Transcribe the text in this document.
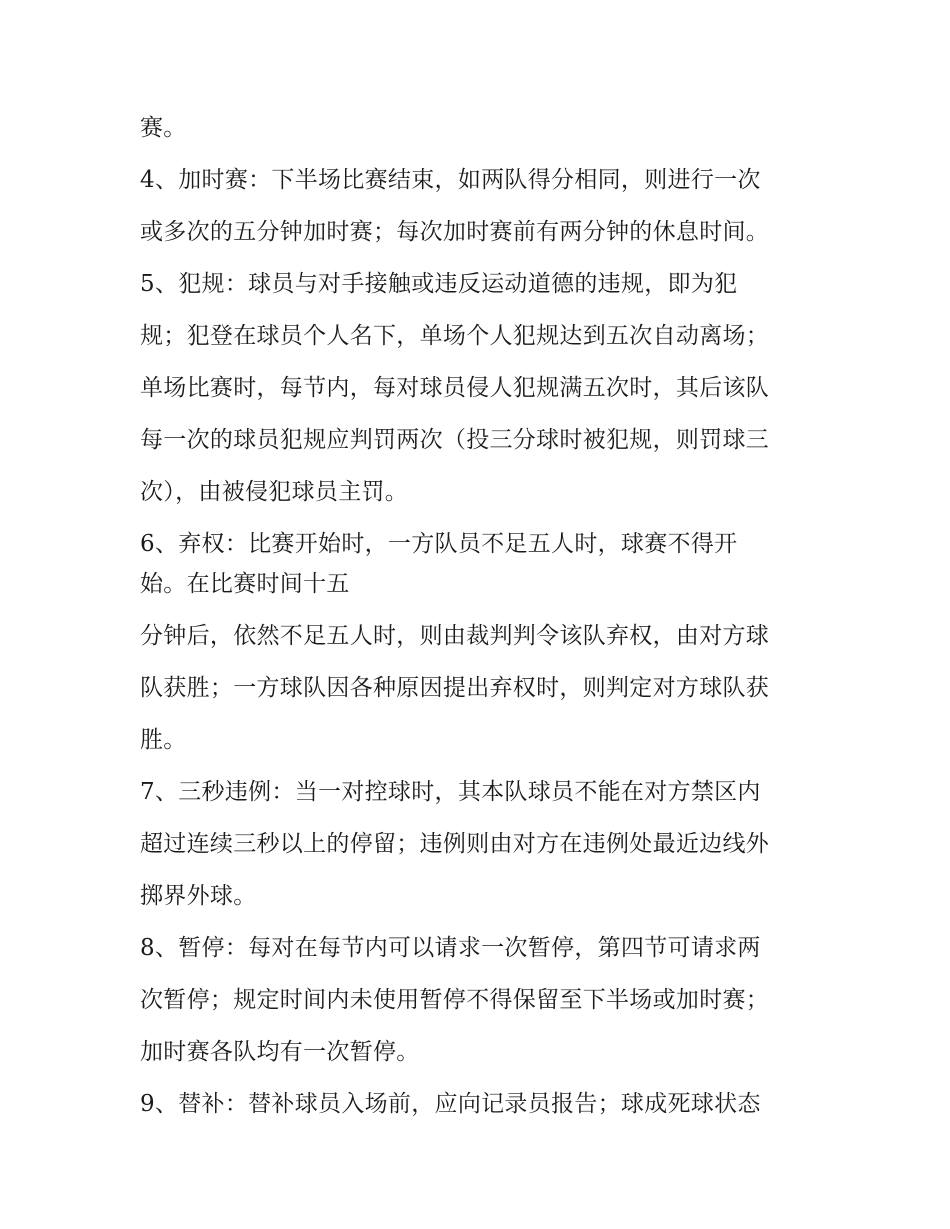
赛。
4、加时赛：下半场比赛结束，如两队得分相同，则进行一次
或多次的五分钟加时赛；每次加时赛前有两分钟的休息时间。
5、犯规：球员与对手接触或违反运动道德的违规，即为犯
规；犯登在球员个人名下，单场个人犯规达到五次自动离场；
单场比赛时，每节内，每对球员侵人犯规满五次时，其后该队
每一次的球员犯规应判罚两次（投三分球时被犯规，则罚球三
次），由被侵犯球员主罚。
6、弃权：比赛开始时，一方队员不足五人时，球赛不得开
始。在比赛时间十五
分钟后，依然不足五人时，则由裁判判令该队弃权，由对方球
队获胜；一方球队因各种原因提出弃权时，则判定对方球队获
胜。
7、三秒违例：当一对控球时，其本队球员不能在对方禁区内
超过连续三秒以上的停留；违例则由对方在违例处最近边线外
掷界外球。
8、暂停：每对在每节内可以请求一次暂停，第四节可请求两
次暂停；规定时间内未使用暂停不得保留至下半场或加时赛；
加时赛各队均有一次暂停。
9、替补：替补球员入场前，应向记录员报告；球成死球状态
